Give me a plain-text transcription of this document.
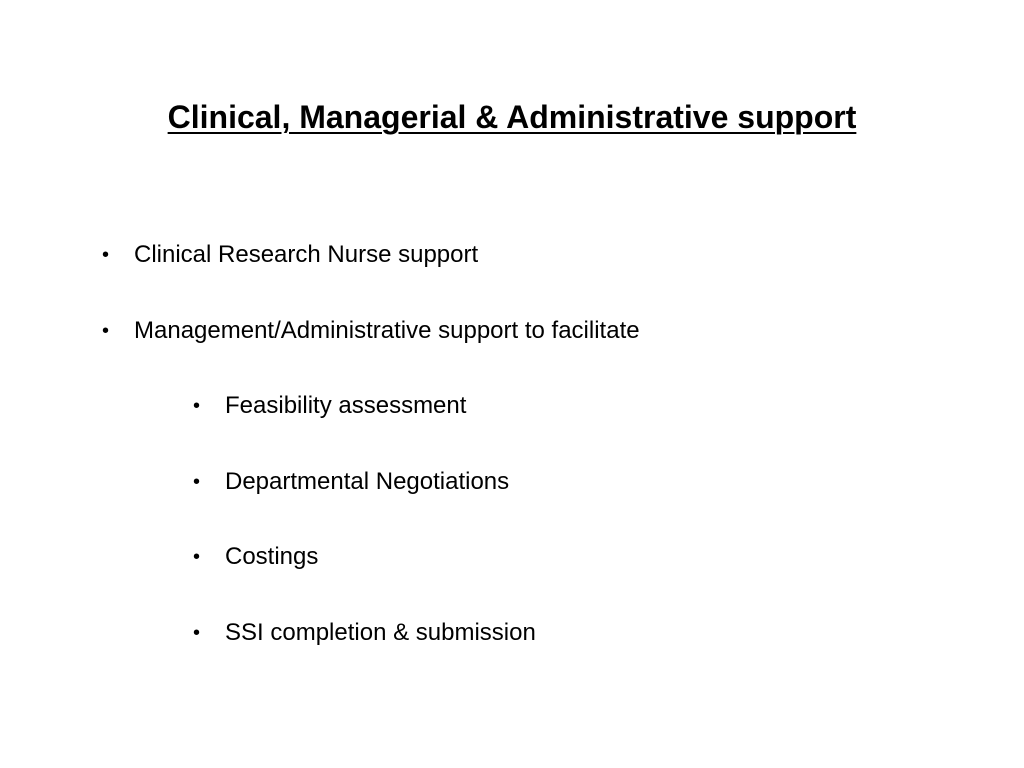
Clinical, Managerial & Administrative support
• Clinical Research Nurse support
• Management/Administrative support to facilitate
• Feasibility assessment
• Departmental Negotiations
• Costings
• SSI completion & submission
